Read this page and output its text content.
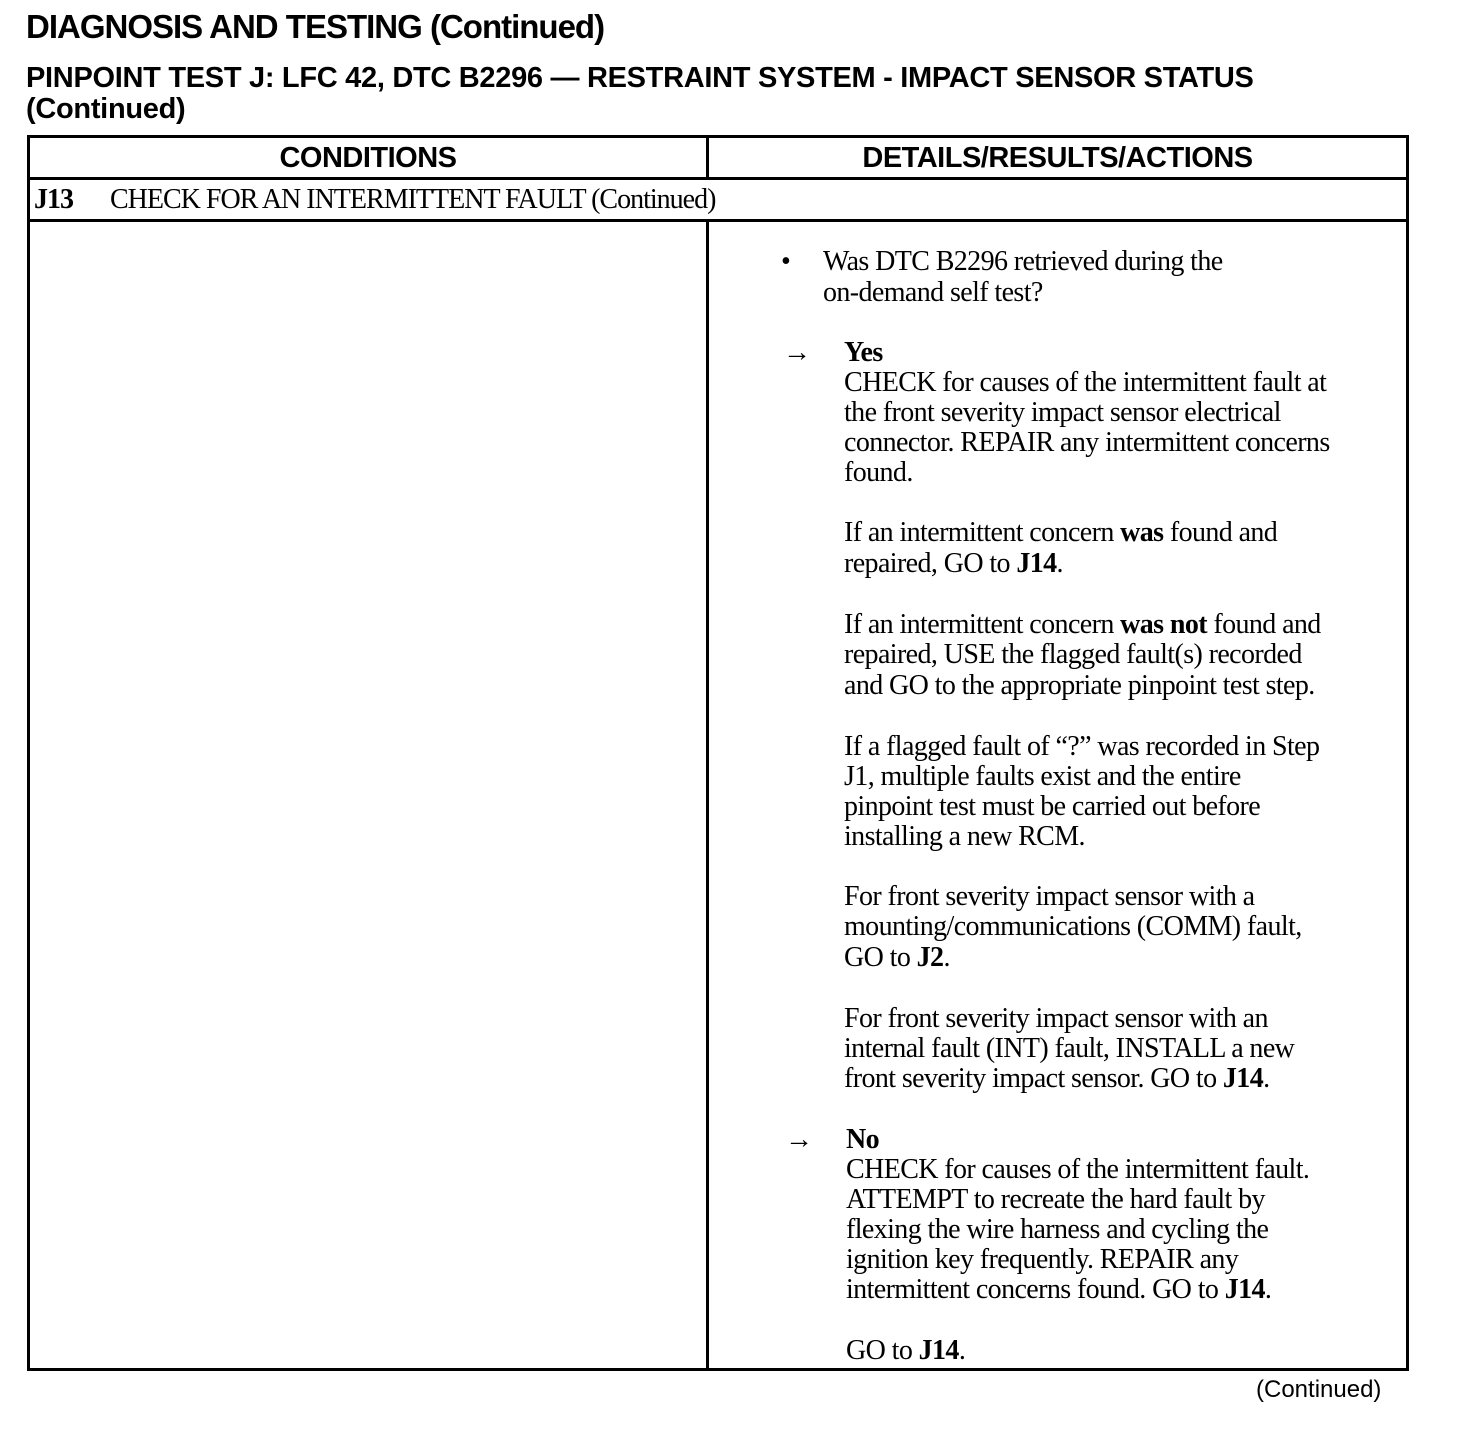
DIAGNOSIS AND TESTING (Continued)
PINPOINT TEST J: LFC 42, DTC B2296 — RESTRAINT SYSTEM - IMPACT SENSOR STATUS
(Continued)
CONDITIONS	DETAILS/RESULTS/ACTIONS
J13 CHECK FOR AN INTERMITTENT FAULT (Continued)
• Was DTC B2296 retrieved during the
on-demand self test?
→ Yes
CHECK for causes of the intermittent fault at
the front severity impact sensor electrical
connector. REPAIR any intermittent concerns
found.
If an intermittent concern was found and
repaired, GO to J14.
If an intermittent concern was not found and
repaired, USE the flagged fault(s) recorded
and GO to the appropriate pinpoint test step.
If a flagged fault of “?” was recorded in Step
J1, multiple faults exist and the entire
pinpoint test must be carried out before
installing a new RCM.
For front severity impact sensor with a
mounting/communications (COMM) fault,
GO to J2.
For front severity impact sensor with an
internal fault (INT) fault, INSTALL a new
front severity impact sensor. GO to J14.
→ No
CHECK for causes of the intermittent fault.
ATTEMPT to recreate the hard fault by
flexing the wire harness and cycling the
ignition key frequently. REPAIR any
intermittent concerns found. GO to J14.
GO to J14.
(Continued)
